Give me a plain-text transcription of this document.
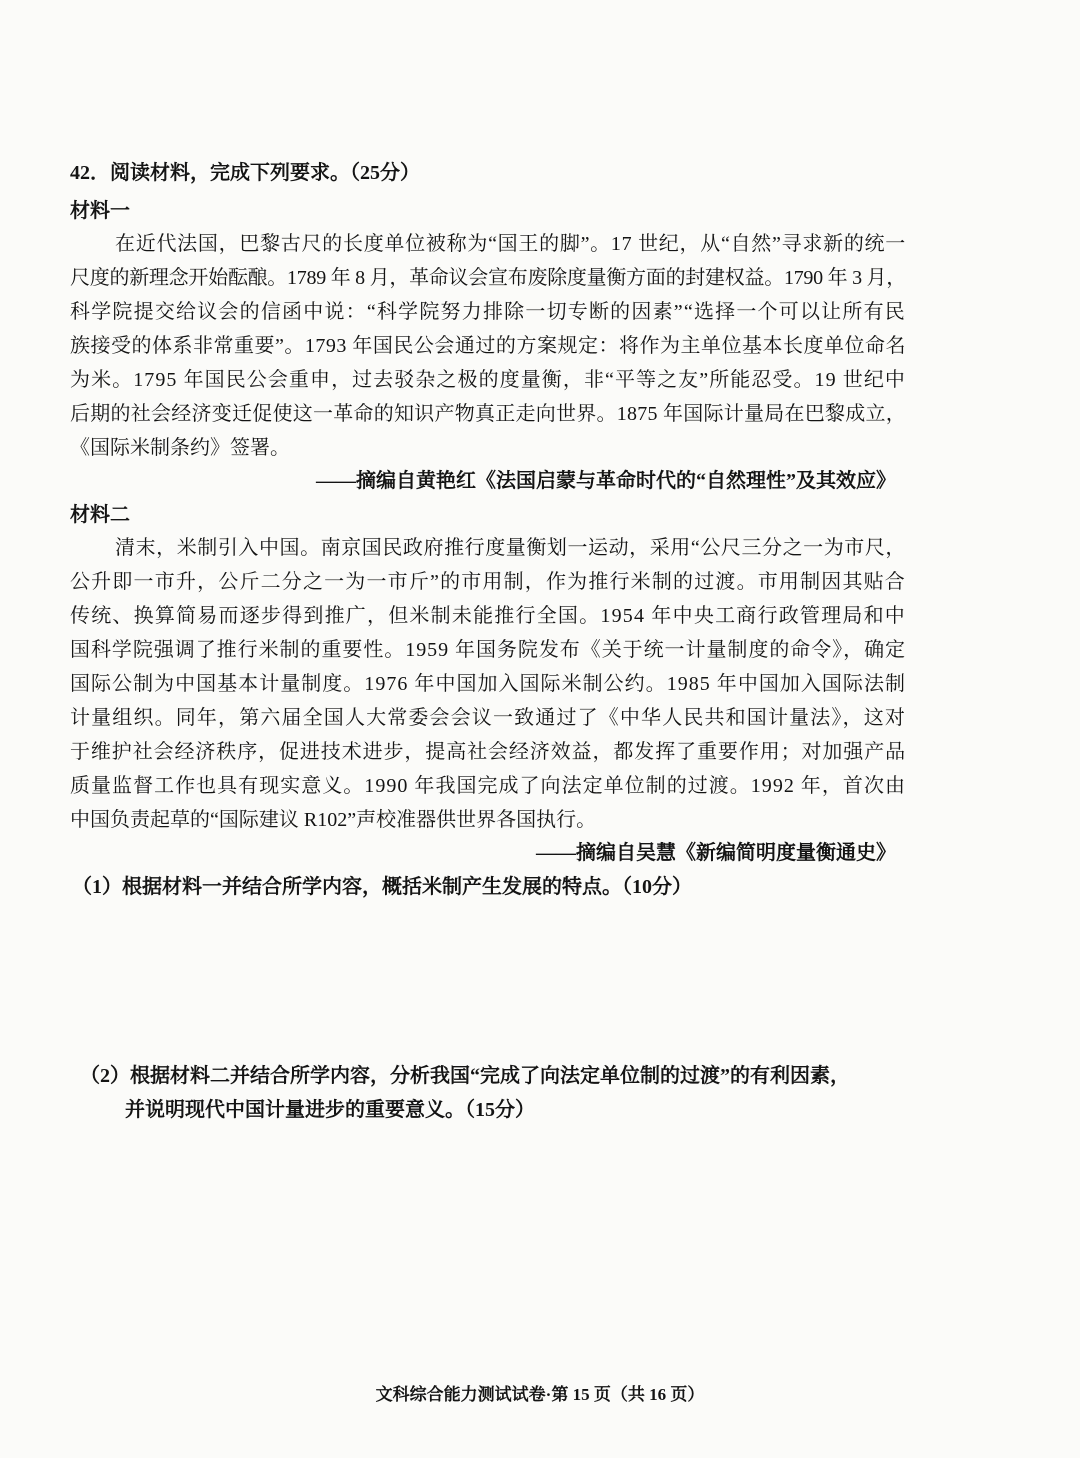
42．阅读材料，完成下列要求。（25分）
材料一
在近代法国，巴黎古尺的长度单位被称为“国王的脚”。17 世纪，从“自然”寻求新的统一
尺度的新理念开始酝酿。1789 年 8 月，革命议会宣布废除度量衡方面的封建权益。1790 年 3 月，
科学院提交给议会的信函中说：“科学院努力排除一切专断的因素”“选择一个可以让所有民
族接受的体系非常重要”。1793 年国民公会通过的方案规定：将作为主单位基本长度单位命名
为米。1795 年国民公会重申，过去驳杂之极的度量衡，非“平等之友”所能忍受。19 世纪中
后期的社会经济变迁促使这一革命的知识产物真正走向世界。1875 年国际计量局在巴黎成立，
《国际米制条约》签署。
——摘编自黄艳红《法国启蒙与革命时代的“自然理性”及其效应》
材料二
清末，米制引入中国。南京国民政府推行度量衡划一运动，采用“公尺三分之一为市尺，
公升即一市升，公斤二分之一为一市斤”的市用制，作为推行米制的过渡。市用制因其贴合
传统、换算简易而逐步得到推广，但米制未能推行全国。1954 年中央工商行政管理局和中
国科学院强调了推行米制的重要性。1959 年国务院发布《关于统一计量制度的命令》，确定
国际公制为中国基本计量制度。1976 年中国加入国际米制公约。1985 年中国加入国际法制
计量组织。同年，第六届全国人大常委会会议一致通过了《中华人民共和国计量法》，这对
于维护社会经济秩序，促进技术进步，提高社会经济效益，都发挥了重要作用；对加强产品
质量监督工作也具有现实意义。1990 年我国完成了向法定单位制的过渡。1992 年，首次由
中国负责起草的“国际建议 R102”声校准器供世界各国执行。
——摘编自吴慧《新编简明度量衡通史》
（1）根据材料一并结合所学内容，概括米制产生发展的特点。（10分）
（2）根据材料二并结合所学内容，分析我国“完成了向法定单位制的过渡”的有利因素，
并说明现代中国计量进步的重要意义。（15分）
文科综合能力测试试卷·第 15 页（共 16 页）
